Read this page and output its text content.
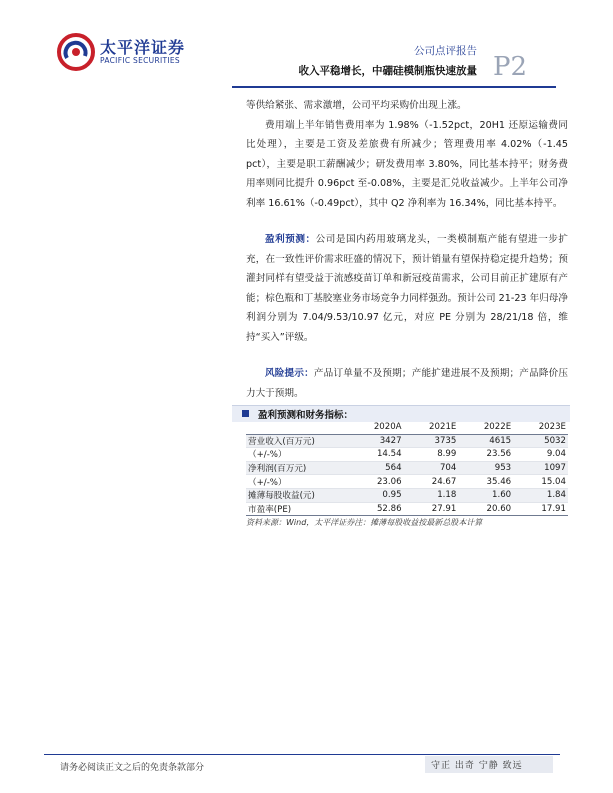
太平洋证券
PACIFIC SECURITIES
公司点评报告
收入平稳增长，中硼硅模制瓶快速放量 P2

等供给紧张、需求激增，公司平均采购价出现上涨。

费用端上半年销售费用率为 1.98%（-1.52pct，20H1 还原运输费同比处理），主要是工资及差旅费有所减少；管理费用率 4.02%（-1.45 pct），主要是职工薪酬减少；研发费用率 3.80%，同比基本持平；财务费用率则同比提升 0.96pct 至-0.08%，主要是汇兑收益减少。上半年公司净利率 16.61%（-0.49pct），其中 Q2 净利率为 16.34%，同比基本持平。

盈利预测：公司是国内药用玻璃龙头，一类模制瓶产能有望进一步扩充，在一致性评价需求旺盛的情况下，预计销量有望保持稳定提升趋势；预灌封同样有望受益于流感疫苗订单和新冠疫苗需求，公司目前正扩建原有产能；棕色瓶和丁基胶塞业务市场竞争力同样强劲。预计公司 21-23 年归母净利润分别为 7.04/9.53/10.97 亿元，对应 PE 分别为 28/21/18 倍，维持“买入”评级。

风险提示：产品订单量不及预期；产能扩建进展不及预期；产品降价压力大于预期。

盈利预测和财务指标：
	2020A	2021E	2022E	2023E
营业收入(百万元)	3427	3735	4615	5032
（+/-%）	14.54	8.99	23.56	9.04
净利润(百万元)	564	704	953	1097
（+/-%）	23.06	24.67	35.46	15.04
摊薄每股收益(元)	0.95	1.18	1.60	1.84
市盈率(PE)	52.86	27.91	20.60	17.91
资料来源：Wind，太平洋证券注：摊薄每股收益按最新总股本计算
请务必阅读正文之后的免责条款部分	守正 出奇 宁静 致远
